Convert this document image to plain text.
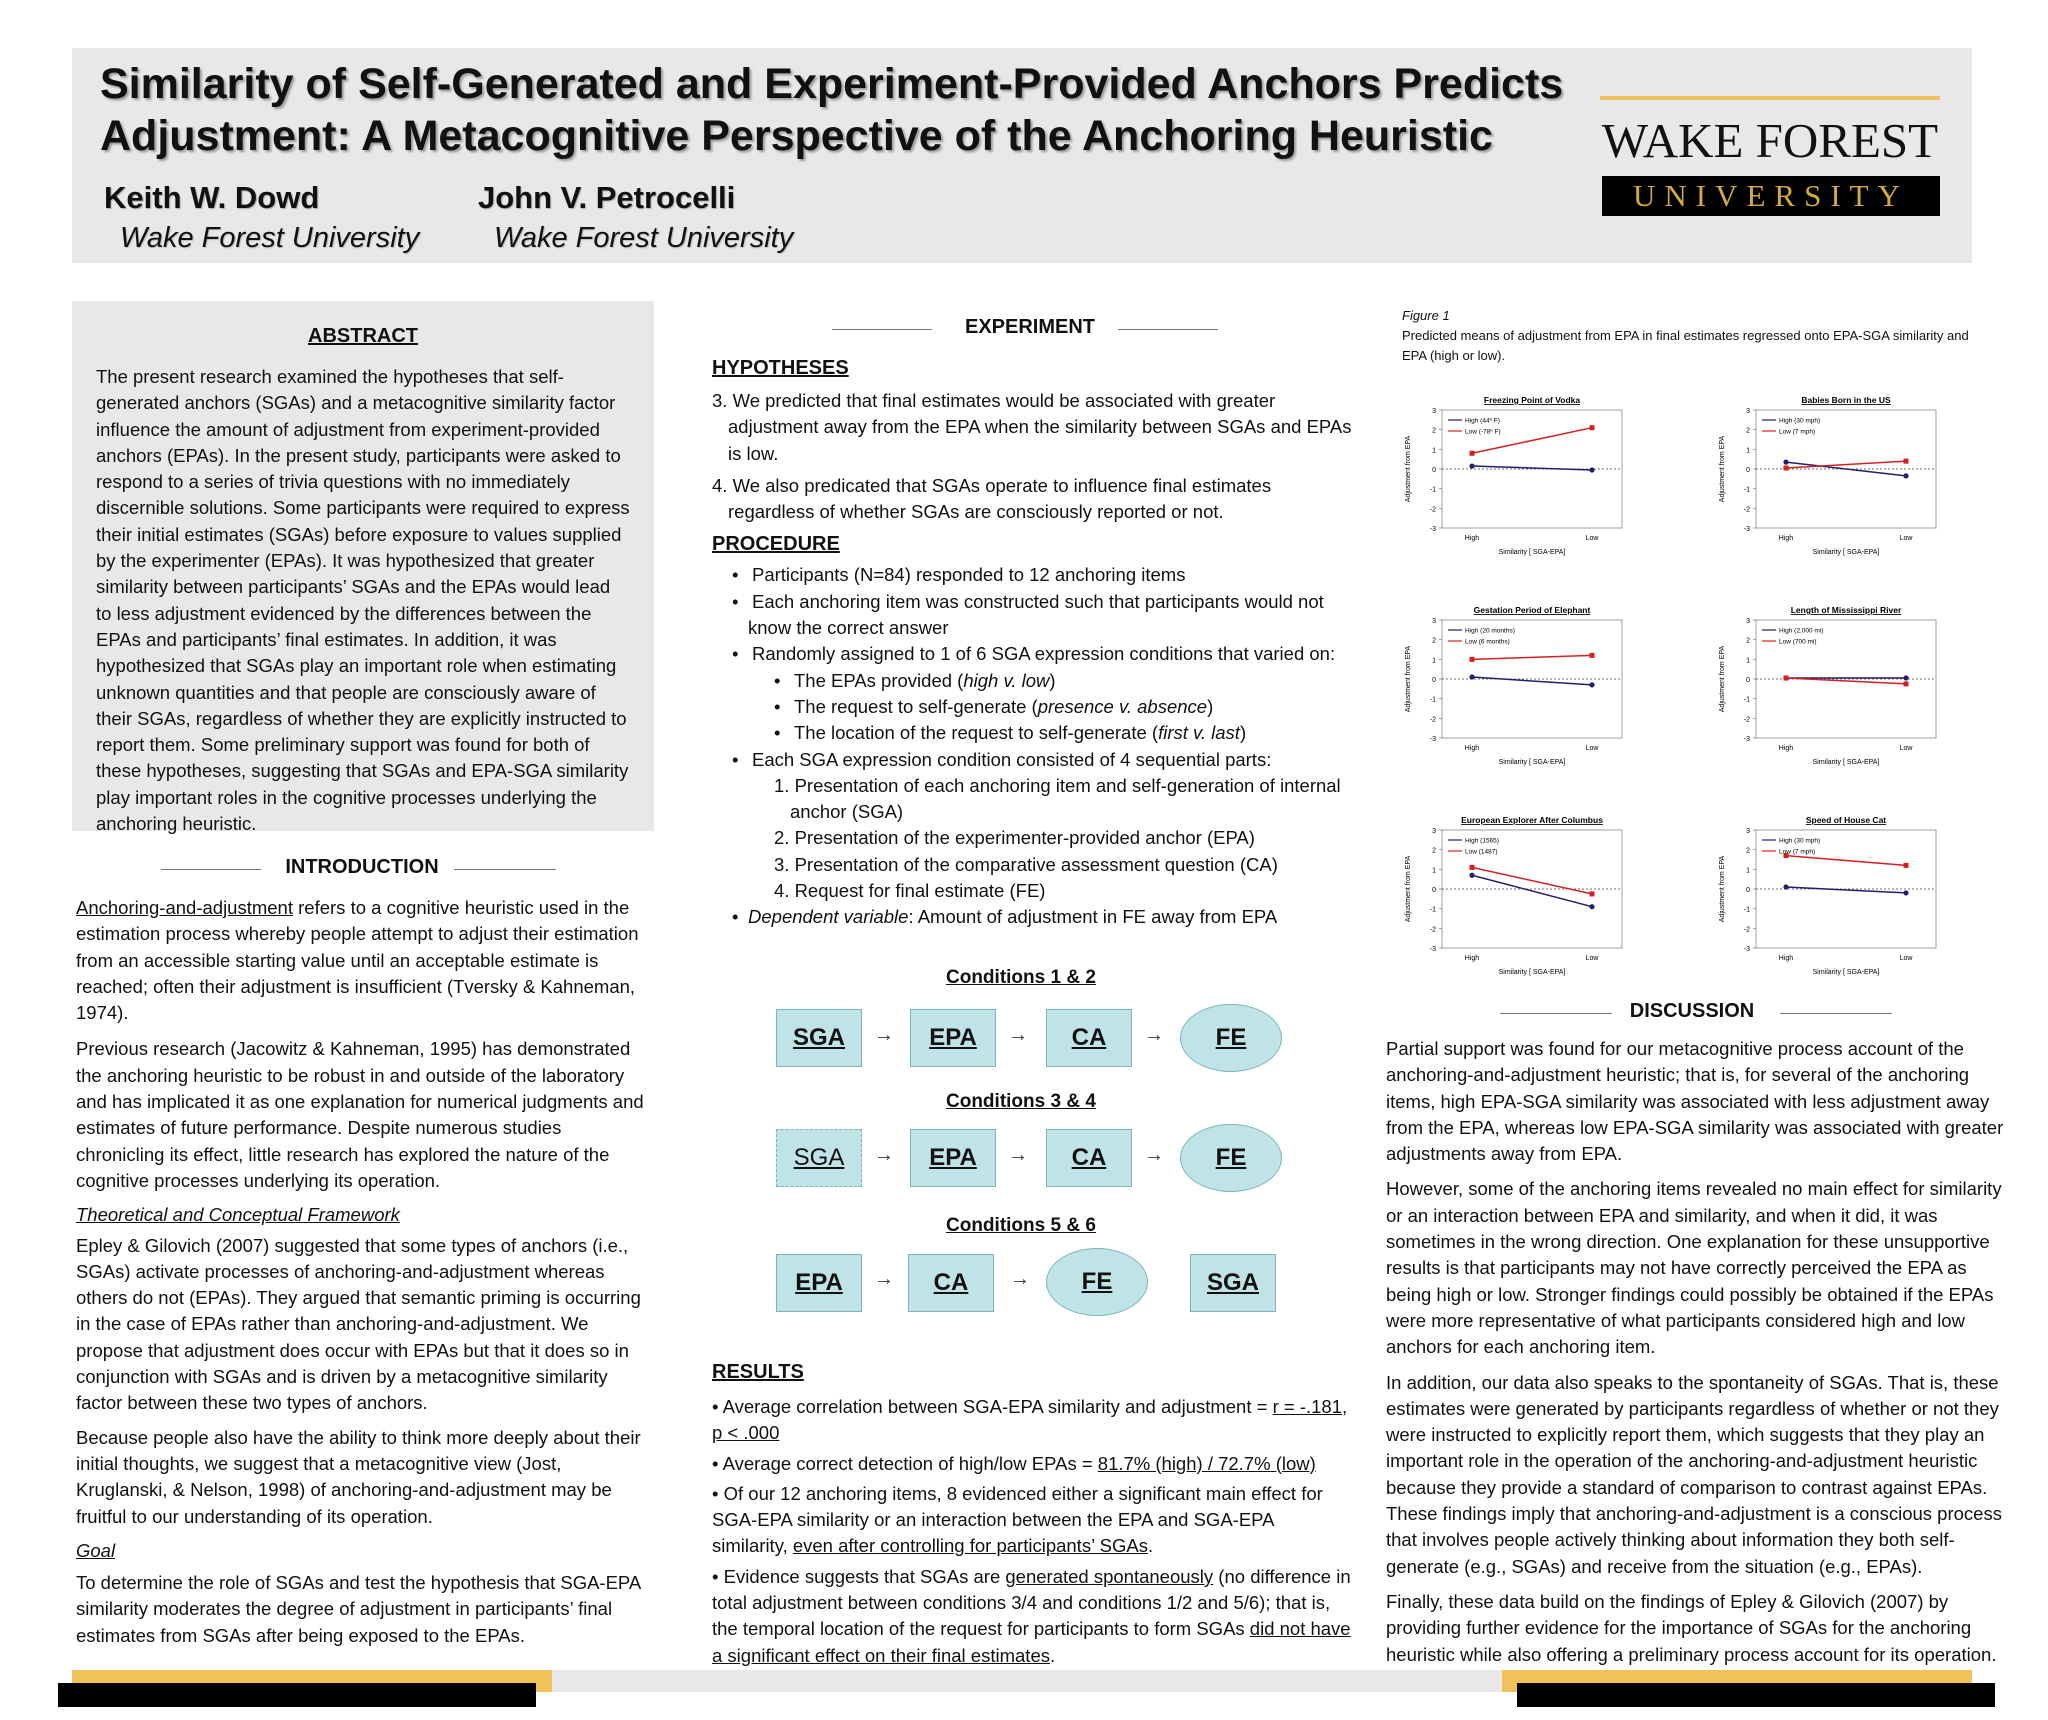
Similarity of Self-Generated and Experiment-Provided Anchors Predicts
Adjustment: A Metacognitive Perspective of the Anchoring Heuristic
Keith W. Dowd	John V. Petrocelli
Wake Forest University	Wake Forest University
WAKE FOREST
UNIVERSITY
ABSTRACT

The present research examined the hypotheses that self-generated anchors (SGAs) and a metacognitive similarity factor influence the amount of adjustment from experiment-provided anchors (EPAs). In the present study, participants were asked to respond to a series of trivia questions with no immediately discernible solutions. Some participants were required to express their initial estimates (SGAs) before exposure to values supplied by the experimenter (EPAs). It was hypothesized that greater similarity between participants’ SGAs and the EPAs would lead to less adjustment evidenced by the differences between the EPAs and participants’ final estimates. In addition, it was hypothesized that SGAs play an important role when estimating unknown quantities and that people are consciously aware of their SGAs, regardless of whether they are explicitly instructed to report them. Some preliminary support was found for both of these hypotheses, suggesting that SGAs and EPA-SGA similarity play important roles in the cognitive processes underlying the anchoring heuristic.

INTRODUCTION

Anchoring-and-adjustment refers to a cognitive heuristic used in the estimation process whereby people attempt to adjust their estimation from an accessible starting value until an acceptable estimate is reached; often their adjustment is insufficient (Tversky & Kahneman, 1974).

Previous research (Jacowitz & Kahneman, 1995) has demonstrated the anchoring heuristic to be robust in and outside of the laboratory and has implicated it as one explanation for numerical judgments and estimates of future performance. Despite numerous studies chronicling its effect, little research has explored the nature of the cognitive processes underlying its operation.

Theoretical and Conceptual Framework

Epley & Gilovich (2007) suggested that some types of anchors (i.e., SGAs) activate processes of anchoring-and-adjustment whereas others do not (EPAs). They argued that semantic priming is occurring in the case of EPAs rather than anchoring-and-adjustment. We propose that adjustment does occur with EPAs but that it does so in conjunction with SGAs and is driven by a metacognitive similarity factor between these two types of anchors.

Because people also have the ability to think more deeply about their initial thoughts, we suggest that a metacognitive view (Jost, Kruglanski, & Nelson, 1998) of anchoring-and-adjustment may be fruitful to our understanding of its operation.

Goal

To determine the role of SGAs and test the hypothesis that SGA-EPA similarity moderates the degree of adjustment in participants’ final estimates from SGAs after being exposed to the EPAs.

EXPERIMENT
HYPOTHESES

3. We predicted that final estimates would be associated with greater adjustment away from the EPA when the similarity between SGAs and EPAs is low.

4. We also predicated that SGAs operate to influence final estimates regardless of whether SGAs are consciously reported or not.

PROCEDURE
• Participants (N=84) responded to 12 anchoring items
• Each anchoring item was constructed such that participants would not know the correct answer
• Randomly assigned to 1 of 6 SGA expression conditions that varied on:
• The EPAs provided (high v. low)
• The request to self-generate (presence v. absence)
• The location of the request to self-generate (first v. last)
• Each SGA expression condition consisted of 4 sequential parts:
1. Presentation of each anchoring item and self-generation of internal anchor (SGA)
2. Presentation of the experimenter-provided anchor (EPA)
3. Presentation of the comparative assessment question (CA)
4. Request for final estimate (FE)
• Dependent variable: Amount of adjustment in FE away from EPA
Conditions 1 & 2
SGA	→	EPA	→	CA	→	FE
Conditions 3 & 4
SGA	→	EPA	→	CA	→	FE
Conditions 5 & 6
EPA	→	CA	→	FE	SGA
RESULTS

• Average correlation between SGA-EPA similarity and adjustment = r = -.181, p < .000

• Average correct detection of high/low EPAs = 81.7% (high) / 72.7% (low)

• Of our 12 anchoring items, 8 evidenced either a significant main effect for SGA-EPA similarity or an interaction between the EPA and SGA-EPA similarity, even after controlling for participants’ SGAs.

• Evidence suggests that SGAs are generated spontaneously (no difference in total adjustment between conditions 3/4 and conditions 1/2 and 5/6); that is, the temporal location of the request for participants to form SGAs did not have a significant effect on their final estimates.

Figure 1
Predicted means of adjustment from EPA in final estimates regressed onto EPA-SGA similarity and EPA (high or low).
Freezing Point of Vodka
-3
-2
-1
0
1
2
3
Adjustment from EPA
High	Low
Similarity [ SGA-EPA]
High (44º F)
Low (-78º F)
Babies Born in the US
-3
-2
-1
0
1
2
3
Adjustment from EPA
High	Low
Similarity [ SGA-EPA]
High (30 mph)
Low (7 mph)
Gestation Period of Elephant
-3
-2
-1
0
1
2
3
Adjustment from EPA
High	Low
Similarity [ SGA-EPA]
High (20 months)
Low (6 months)
Length of Mississippi River
-3
-2
-1
0
1
2
3
Adjustment from EPA
High	Low
Similarity [ SGA-EPA]
High (2,000 mi)
Low (700 mi)
European Explorer After Columbus
-3
-2
-1
0
1
2
3
Adjustment from EPA
High	Low
Similarity [ SGA-EPA]
High (1565)
Low (1487)
Speed of House Cat
-3
-2
-1
0
1
2
3
Adjustment from EPA
High	Low
Similarity [ SGA-EPA]
High (30 mph)
Low (7 mph)
DISCUSSION

Partial support was found for our metacognitive process account of the anchoring-and-adjustment heuristic; that is, for several of the anchoring items, high EPA-SGA similarity was associated with less adjustment away from the EPA, whereas low EPA-SGA similarity was associated with greater adjustments away from EPA.

However, some of the anchoring items revealed no main effect for similarity or an interaction between EPA and similarity, and when it did, it was sometimes in the wrong direction. One explanation for these unsupportive results is that participants may not have correctly perceived the EPA as being high or low. Stronger findings could possibly be obtained if the EPAs were more representative of what participants considered high and low anchors for each anchoring item.

In addition, our data also speaks to the spontaneity of SGAs. That is, these estimates were generated by participants regardless of whether or not they were instructed to explicitly report them, which suggests that they play an important role in the operation of the anchoring-and-adjustment heuristic because they provide a standard of comparison to contrast against EPAs. These findings imply that anchoring-and-adjustment is a conscious process that involves people actively thinking about information they both self-generate (e.g., SGAs) and receive from the situation (e.g., EPAs).

Finally, these data build on the findings of Epley & Gilovich (2007) by providing further evidence for the importance of SGAs for the anchoring heuristic while also offering a preliminary process account for its operation.
